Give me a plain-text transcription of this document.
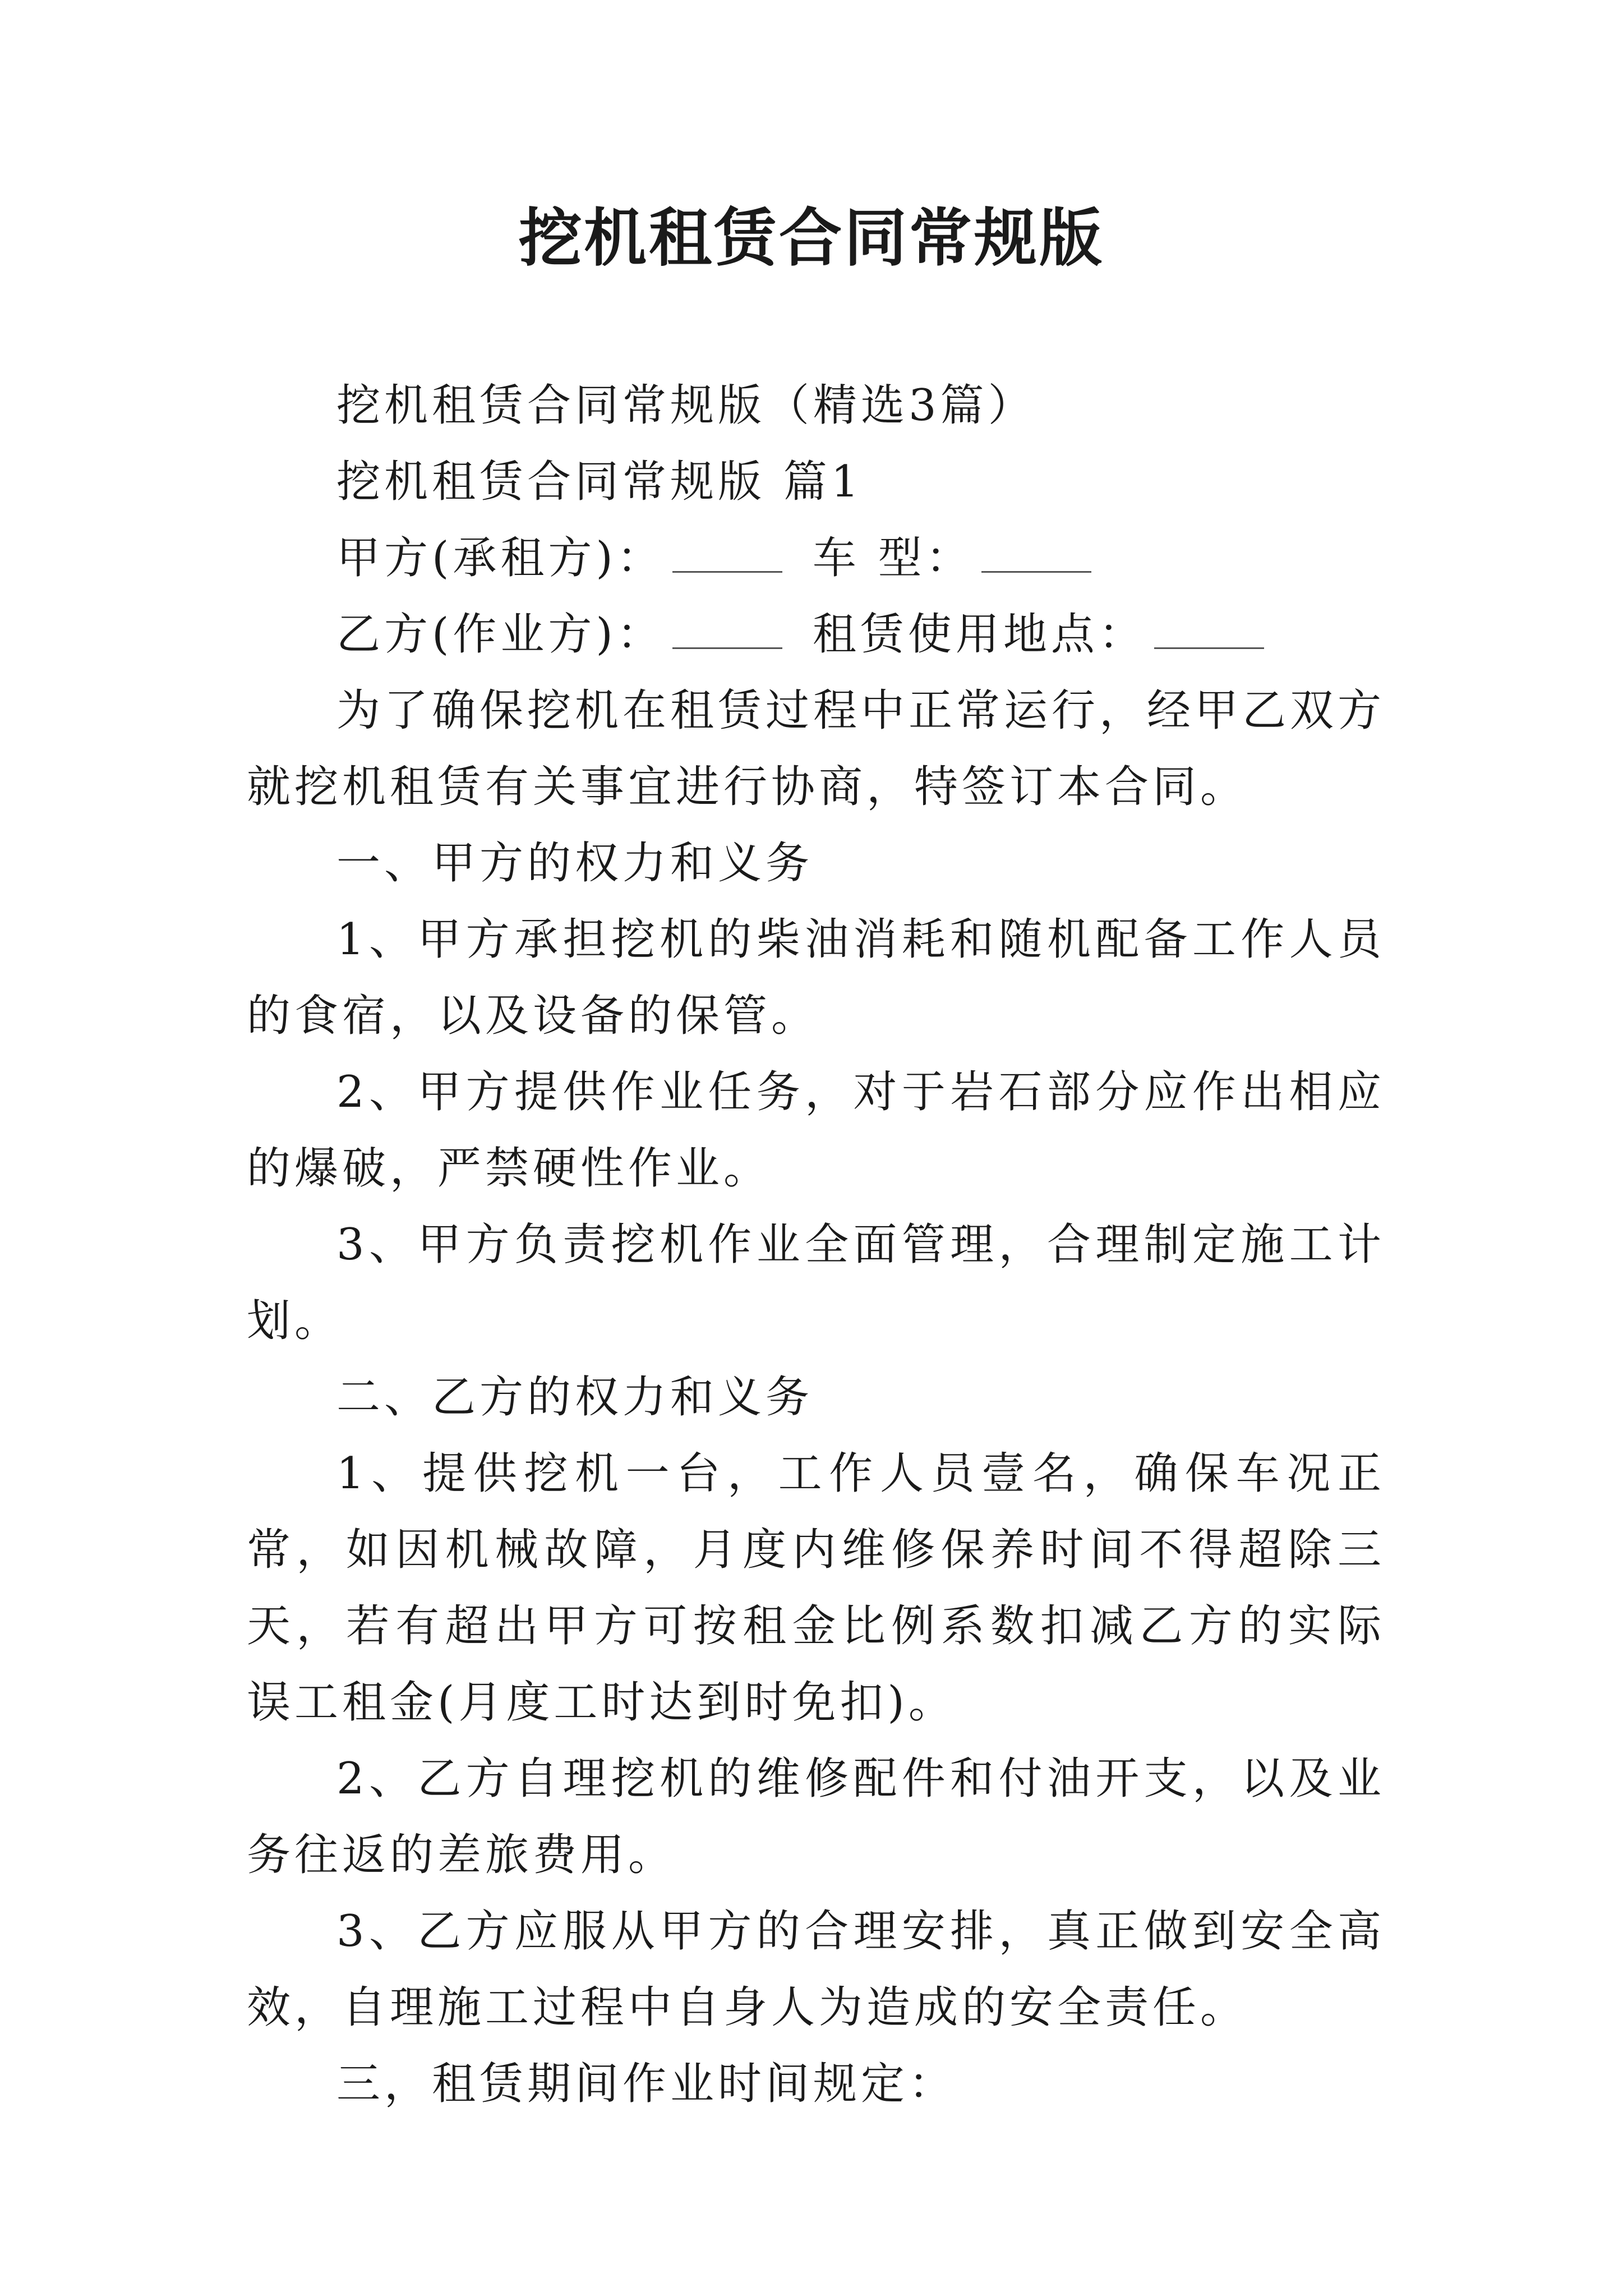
挖机租赁合同常规版

挖机租赁合同常规版（精选3篇）

挖机租赁合同常规版 篇1

甲方(承租方)：	车 型：

乙方(作业方)：	租赁使用地点：

为了确保挖机在租赁过程中正常运行，经甲乙双方就挖机租赁有关事宜进行协商，特签订本合同。

一、甲方的权力和义务

1、甲方承担挖机的柴油消耗和随机配备工作人员的食宿，以及设备的保管。

2、甲方提供作业任务，对于岩石部分应作出相应的爆破，严禁硬性作业。

3、甲方负责挖机作业全面管理，合理制定施工计划。

二、乙方的权力和义务

1、提供挖机一台，工作人员壹名，确保车况正常，如因机械故障，月度内维修保养时间不得超除三天，若有超出甲方可按租金比例系数扣减乙方的实际误工租金(月度工时达到时免扣)。

2、乙方自理挖机的维修配件和付油开支，以及业务往返的差旅费用。

3、乙方应服从甲方的合理安排，真正做到安全高效，自理施工过程中自身人为造成的安全责任。

三，租赁期间作业时间规定：
